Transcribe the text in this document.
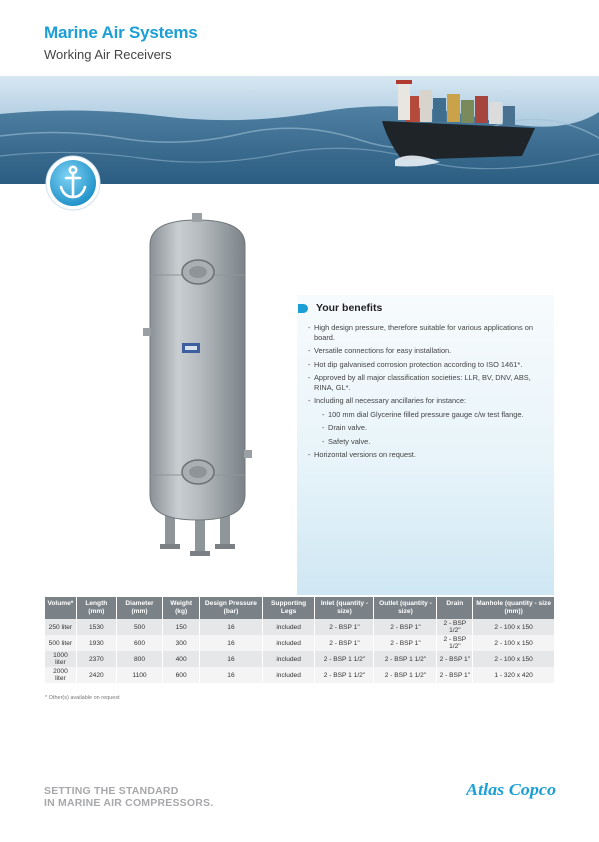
Marine Air Systems
Working Air Receivers
Your benefits
- High design pressure, therefore suitable for various applications on board.
- Versatile connections for easy installation.
- Hot dip galvanised corrosion protection according to ISO 1461*.
- Approved by all major classification societies: LLR, BV, DNV, ABS, RINA, GL*.
- Including all necessary ancillaries for instance:
- 100 mm dial Glycerine filled pressure gauge c/w test flange.
- Drain valve.
- Safety valve.
- Horizontal versions on request.
Volume*	Length (mm)	Diameter (mm)	Weight (kg)	Design Pressure (bar)	Supporting Legs	Inlet (quantity - size)	Outlet (quantity - size)	Drain	Manhole (quantity - size (mm))
250 liter	1530	500	150	16	included	2 - BSP 1"	2 - BSP 1"	2 - BSP 1/2"	2 - 100 x 150
500 liter	1930	600	300	16	included	2 - BSP 1"	2 - BSP 1"	2 - BSP 1/2"	2 - 100 x 150
1000 liter	2370	800	400	16	included	2 - BSP 1 1/2"	2 - BSP 1 1/2"	2 - BSP 1"	2 - 100 x 150
2000 liter	2420	1100	600	16	included	2 - BSP 1 1/2"	2 - BSP 1 1/2"	2 - BSP 1"	1 - 320 x 420
* Other(s) available on request
SETTING THE STANDARD
IN MARINE AIR COMPRESSORS.
Atlas Copco
